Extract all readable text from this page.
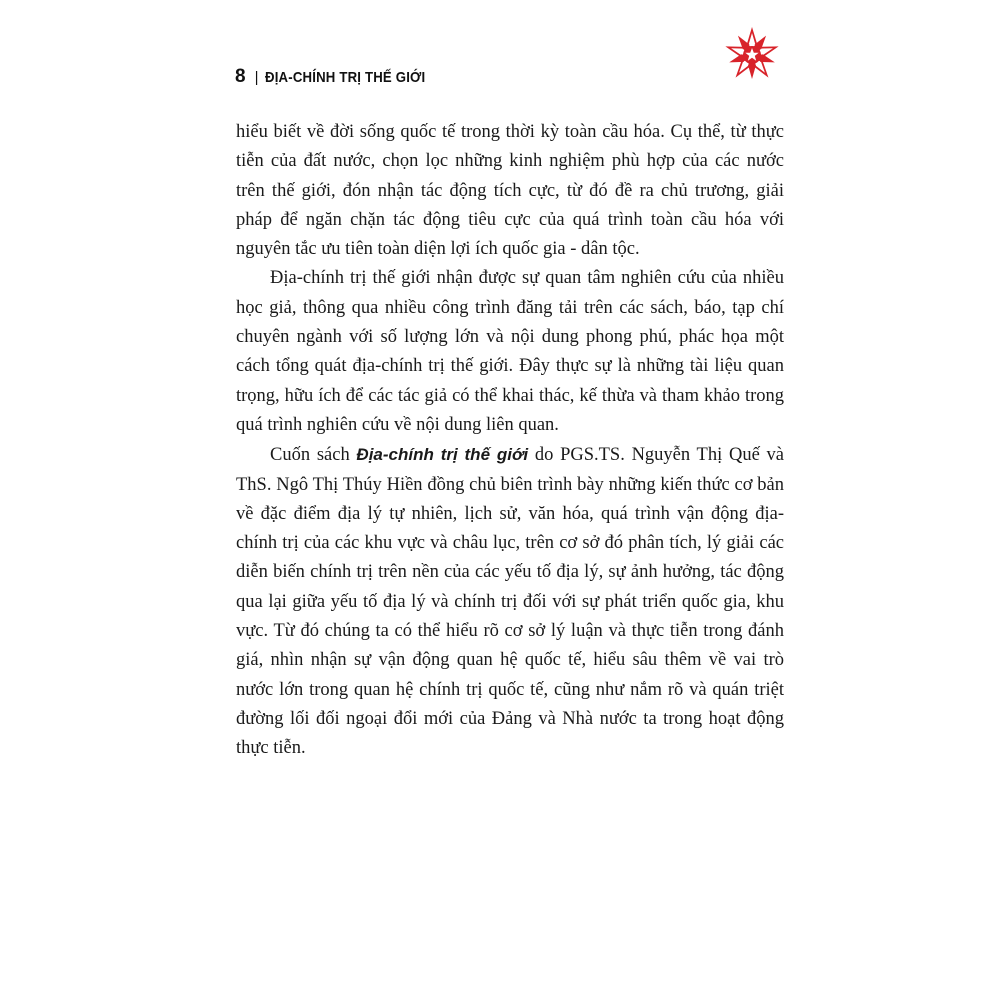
8 | ĐỊA-CHÍNH TRỊ THẾ GIỚI

hiểu biết về đời sống quốc tế trong thời kỳ toàn cầu hóa. Cụ thể, từ thực tiễn của đất nước, chọn lọc những kinh nghiệm phù hợp của các nước trên thế giới, đón nhận tác động tích cực, từ đó đề ra chủ trương, giải pháp để ngăn chặn tác động tiêu cực của quá trình toàn cầu hóa với nguyên tắc ưu tiên toàn diện lợi ích quốc gia - dân tộc.

Địa-chính trị thế giới nhận được sự quan tâm nghiên cứu của nhiều học giả, thông qua nhiều công trình đăng tải trên các sách, báo, tạp chí chuyên ngành với số lượng lớn và nội dung phong phú, phác họa một cách tổng quát địa-chính trị thế giới. Đây thực sự là những tài liệu quan trọng, hữu ích để các tác giả có thể khai thác, kế thừa và tham khảo trong quá trình nghiên cứu về nội dung liên quan.

Cuốn sách Địa-chính trị thế giới do PGS.TS. Nguyễn Thị Quế và ThS. Ngô Thị Thúy Hiền đồng chủ biên trình bày những kiến thức cơ bản về đặc điểm địa lý tự nhiên, lịch sử, văn hóa, quá trình vận động địa-chính trị của các khu vực và châu lục, trên cơ sở đó phân tích, lý giải các diễn biến chính trị trên nền của các yếu tố địa lý, sự ảnh hưởng, tác động qua lại giữa yếu tố địa lý và chính trị đối với sự phát triển quốc gia, khu vực. Từ đó chúng ta có thể hiểu rõ cơ sở lý luận và thực tiễn trong đánh giá, nhìn nhận sự vận động quan hệ quốc tế, hiểu sâu thêm về vai trò nước lớn trong quan hệ chính trị quốc tế, cũng như nắm rõ và quán triệt đường lối đối ngoại đổi mới của Đảng và Nhà nước ta trong hoạt động thực tiễn.
